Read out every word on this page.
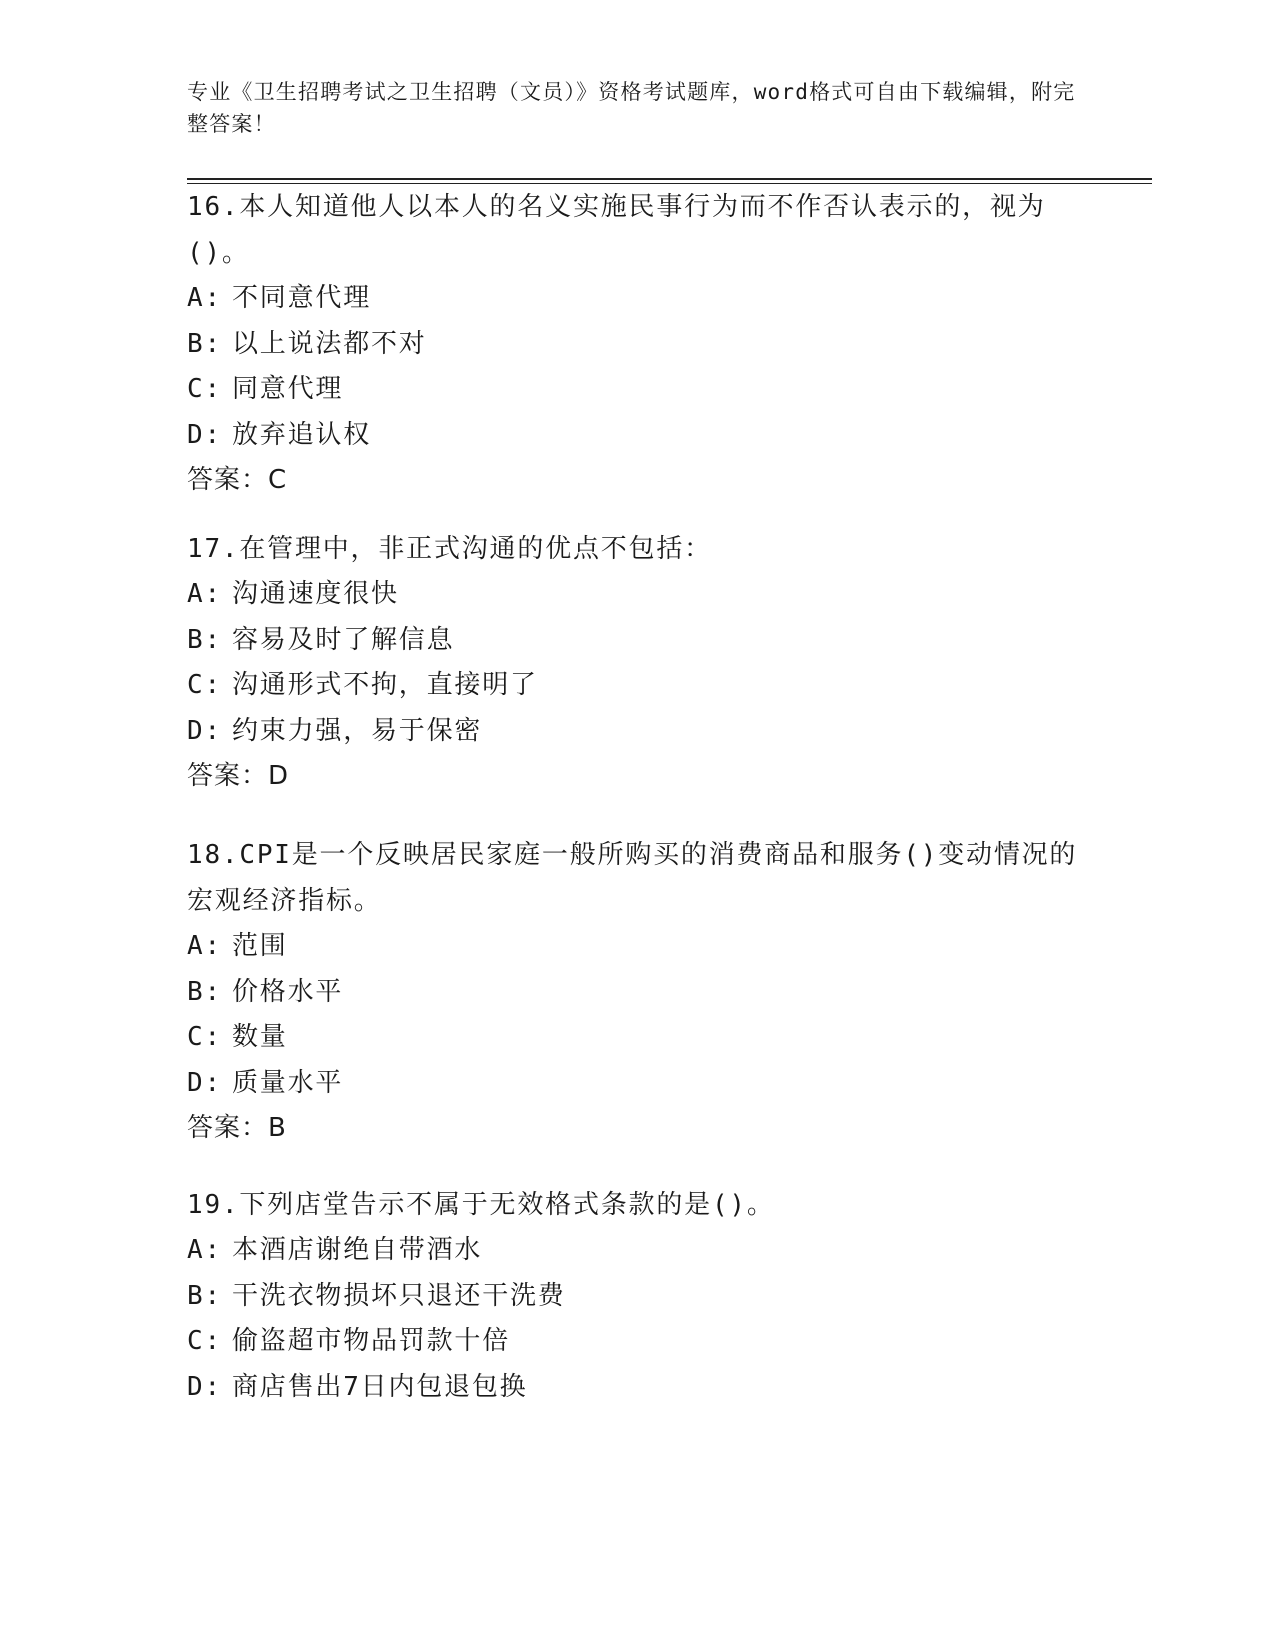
专业《卫生招聘考试之卫生招聘（文员）》资格考试题库，word格式可自由下载编辑，附完整答案！

16.本人知道他人以本人的名义实施民事行为而不作否认表示的，视为()。

A: 不同意代理
B: 以上说法都不对
C: 同意代理
D: 放弃追认权
答案：C

17.在管理中，非正式沟通的优点不包括：

A: 沟通速度很快
B: 容易及时了解信息
C: 沟通形式不拘，直接明了
D: 约束力强，易于保密
答案：D

18.CPI是一个反映居民家庭一般所购买的消费商品和服务()变动情况的宏观经济指标。

A: 范围
B: 价格水平
C: 数量
D: 质量水平
答案：B

19.下列店堂告示不属于无效格式条款的是()。

A: 本酒店谢绝自带酒水
B: 干洗衣物损坏只退还干洗费
C: 偷盗超市物品罚款十倍
D: 商店售出7日内包退包换
